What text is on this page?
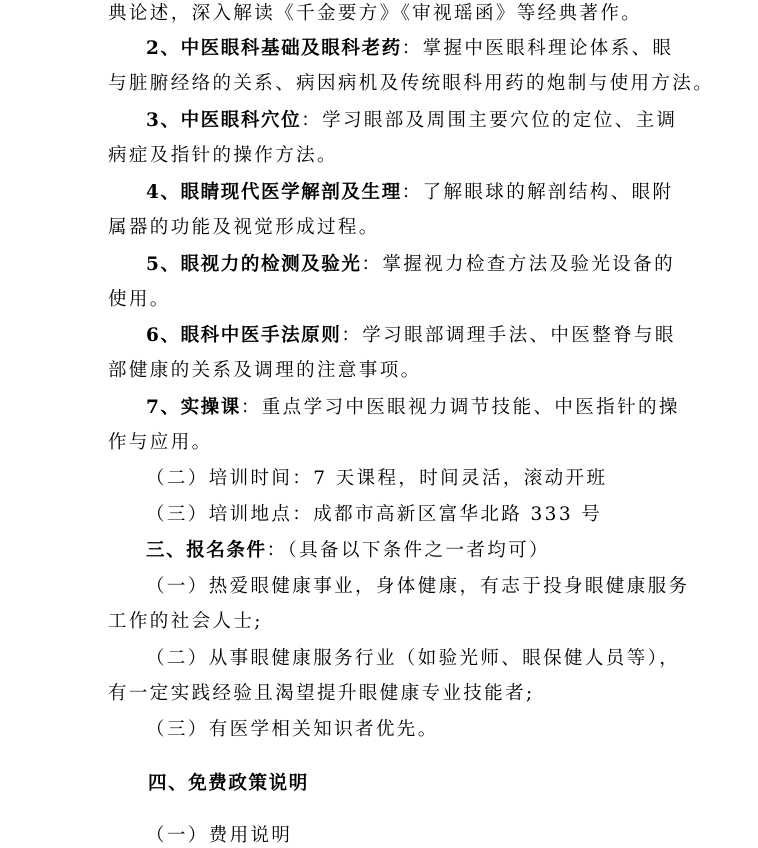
典论述，深入解读《千金要方》《审视瑶函》等经典著作。
2、中医眼科基础及眼科老药：掌握中医眼科理论体系、眼
与脏腑经络的关系、病因病机及传统眼科用药的炮制与使用方法。
3、中医眼科穴位：学习眼部及周围主要穴位的定位、主调
病症及指针的操作方法。
4、眼睛现代医学解剖及生理：了解眼球的解剖结构、眼附
属器的功能及视觉形成过程。
5、眼视力的检测及验光：掌握视力检查方法及验光设备的
使用。
6、眼科中医手法原则：学习眼部调理手法、中医整脊与眼
部健康的关系及调理的注意事项。
7、实操课：重点学习中医眼视力调节技能、中医指针的操
作与应用。
（二）培训时间：7 天课程，时间灵活，滚动开班
（三）培训地点：成都市高新区富华北路 333 号
三、报名条件：（具备以下条件之一者均可）
（一）热爱眼健康事业，身体健康，有志于投身眼健康服务
工作的社会人士;
（二）从事眼健康服务行业（如验光师、眼保健人员等），
有一定实践经验且渴望提升眼健康专业技能者;
（三）有医学相关知识者优先。
四、免费政策说明
（一）费用说明
